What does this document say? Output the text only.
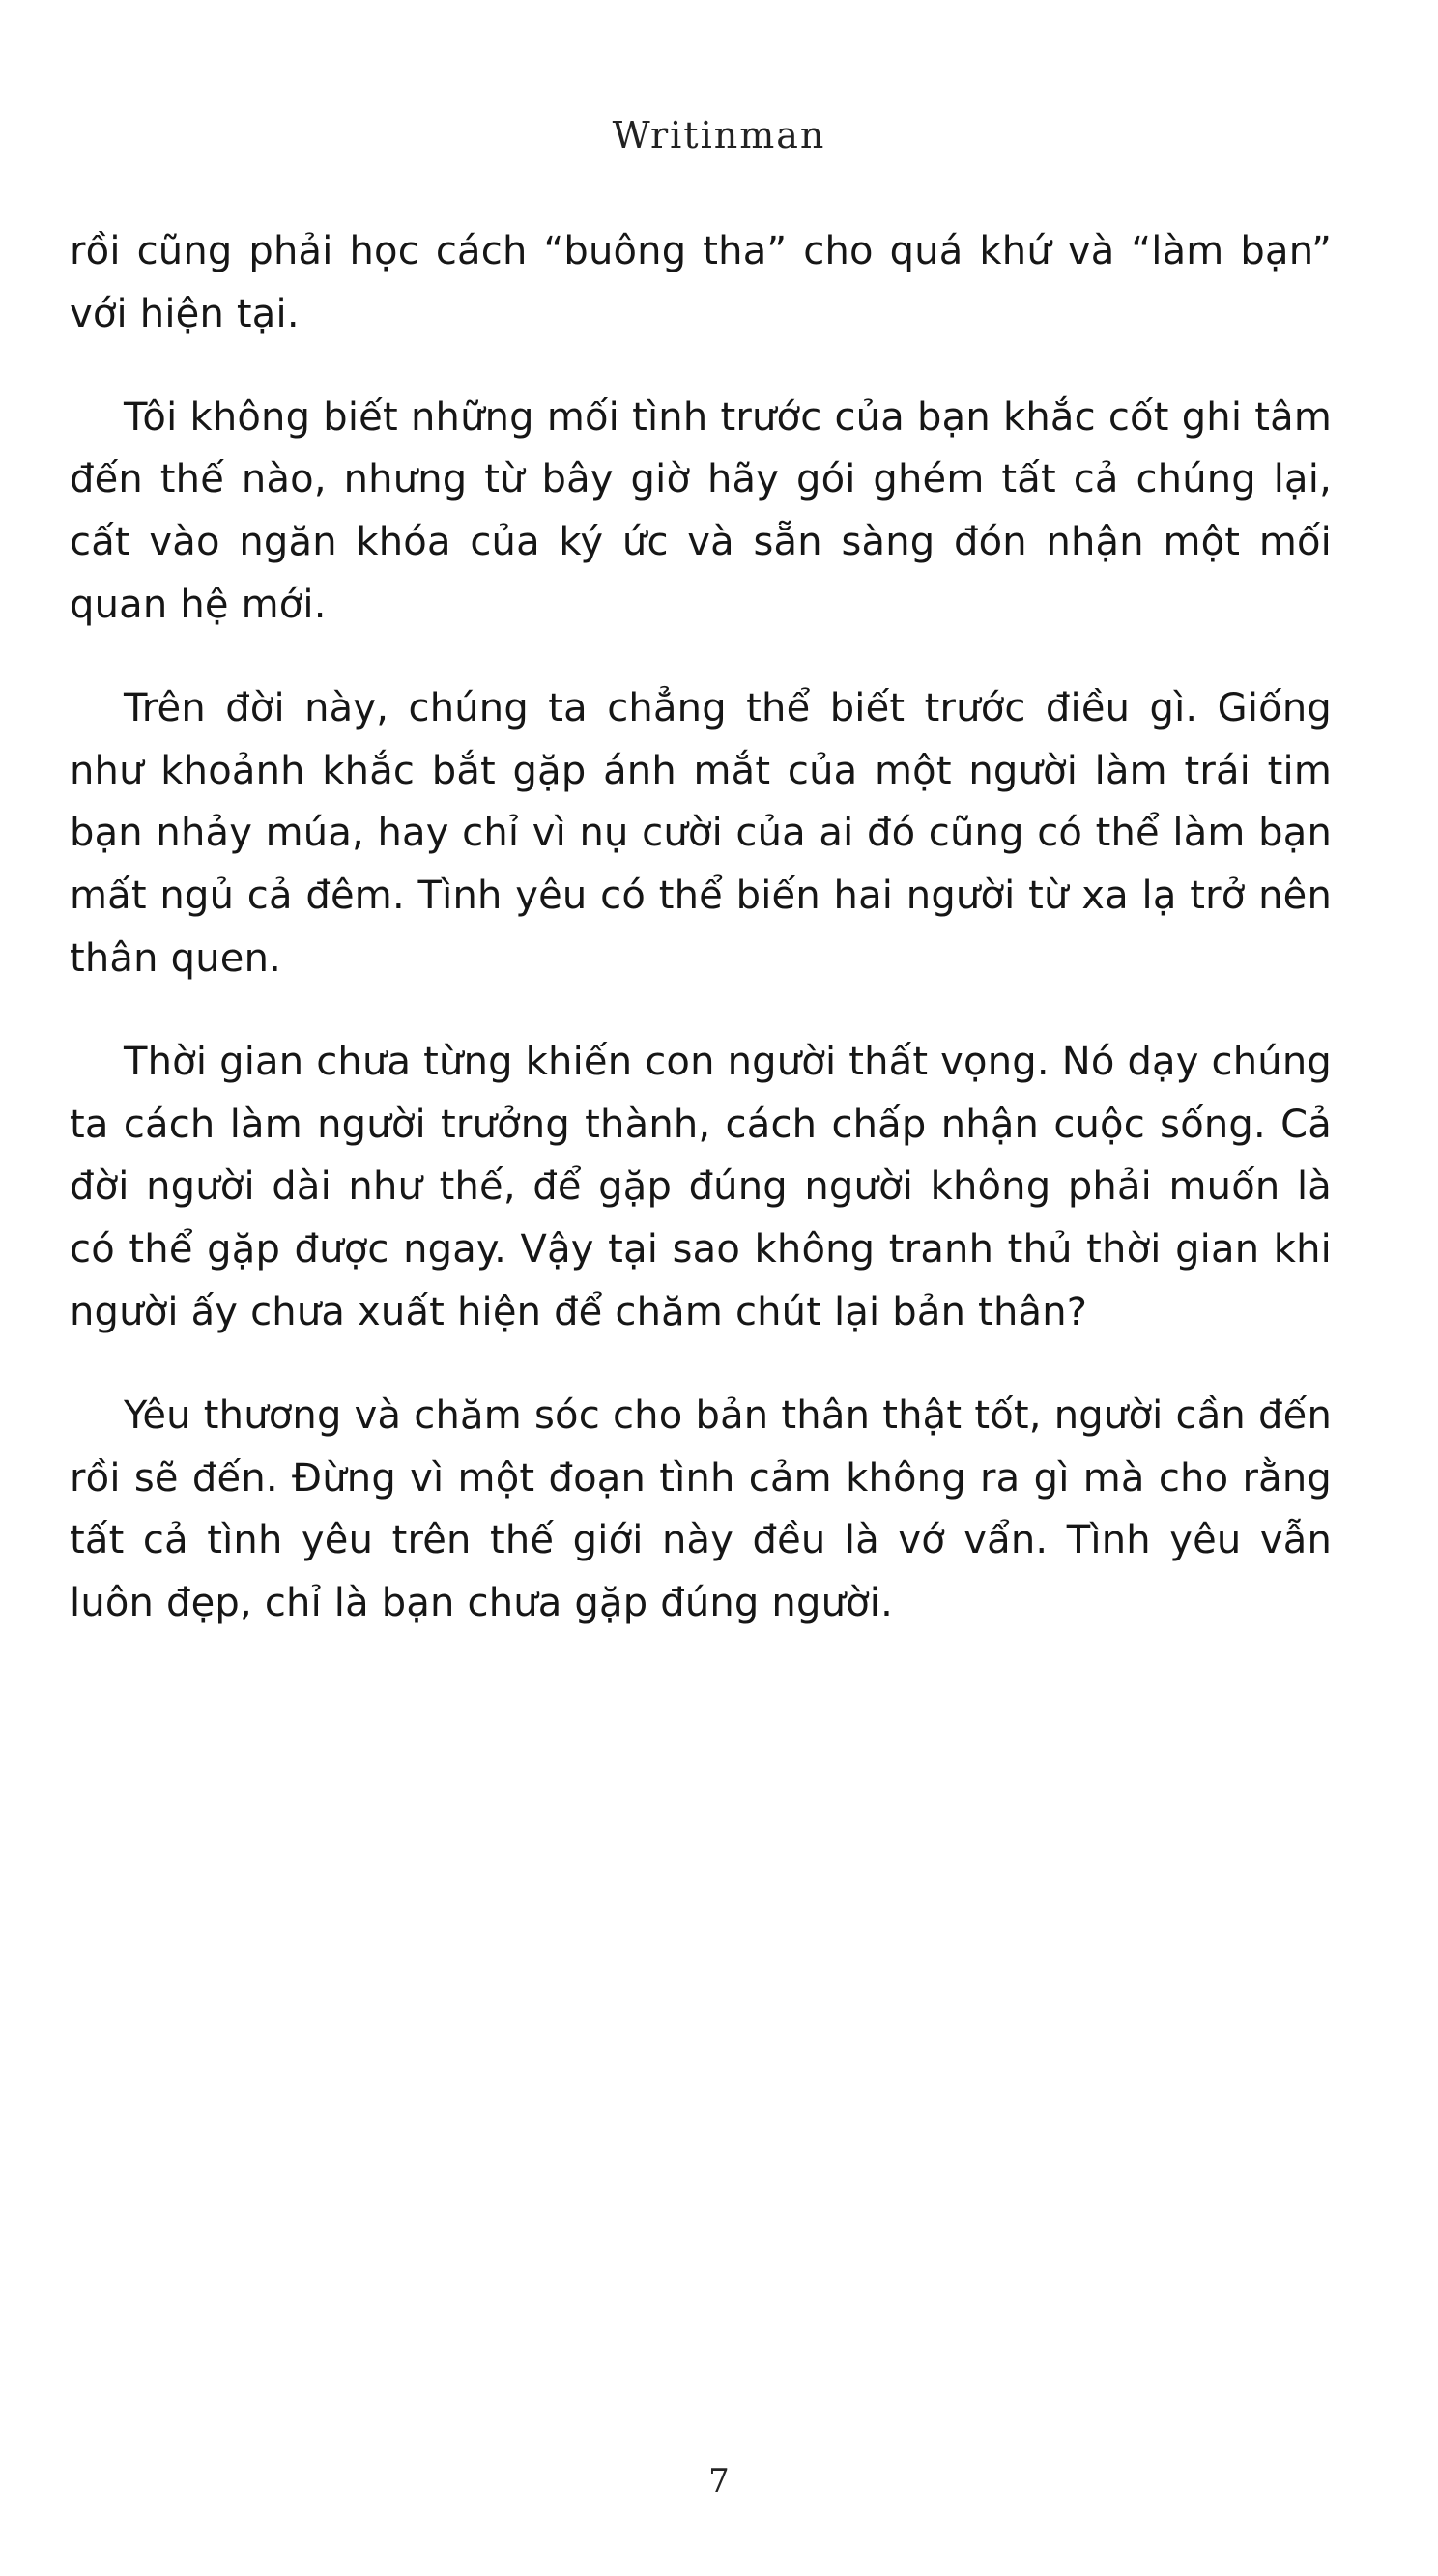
Writinman

rồi cũng phải học cách “buông tha” cho quá khứ và “làm bạn” với hiện tại.

Tôi không biết những mối tình trước của bạn khắc cốt ghi tâm đến thế nào, nhưng từ bây giờ hãy gói ghém tất cả chúng lại, cất vào ngăn khóa của ký ức và sẵn sàng đón nhận một mối quan hệ mới.

Trên đời này, chúng ta chẳng thể biết trước điều gì. Giống như khoảnh khắc bắt gặp ánh mắt của một người làm trái tim bạn nhảy múa, hay chỉ vì nụ cười của ai đó cũng có thể làm bạn mất ngủ cả đêm. Tình yêu có thể biến hai người từ xa lạ trở nên thân quen.

Thời gian chưa từng khiến con người thất vọng. Nó dạy chúng ta cách làm người trưởng thành, cách chấp nhận cuộc sống. Cả đời người dài như thế, để gặp đúng người không phải muốn là có thể gặp được ngay. Vậy tại sao không tranh thủ thời gian khi người ấy chưa xuất hiện để chăm chút lại bản thân?

Yêu thương và chăm sóc cho bản thân thật tốt, người cần đến rồi sẽ đến. Đừng vì một đoạn tình cảm không ra gì mà cho rằng tất cả tình yêu trên thế giới này đều là vớ vẩn. Tình yêu vẫn luôn đẹp, chỉ là bạn chưa gặp đúng người.

7
